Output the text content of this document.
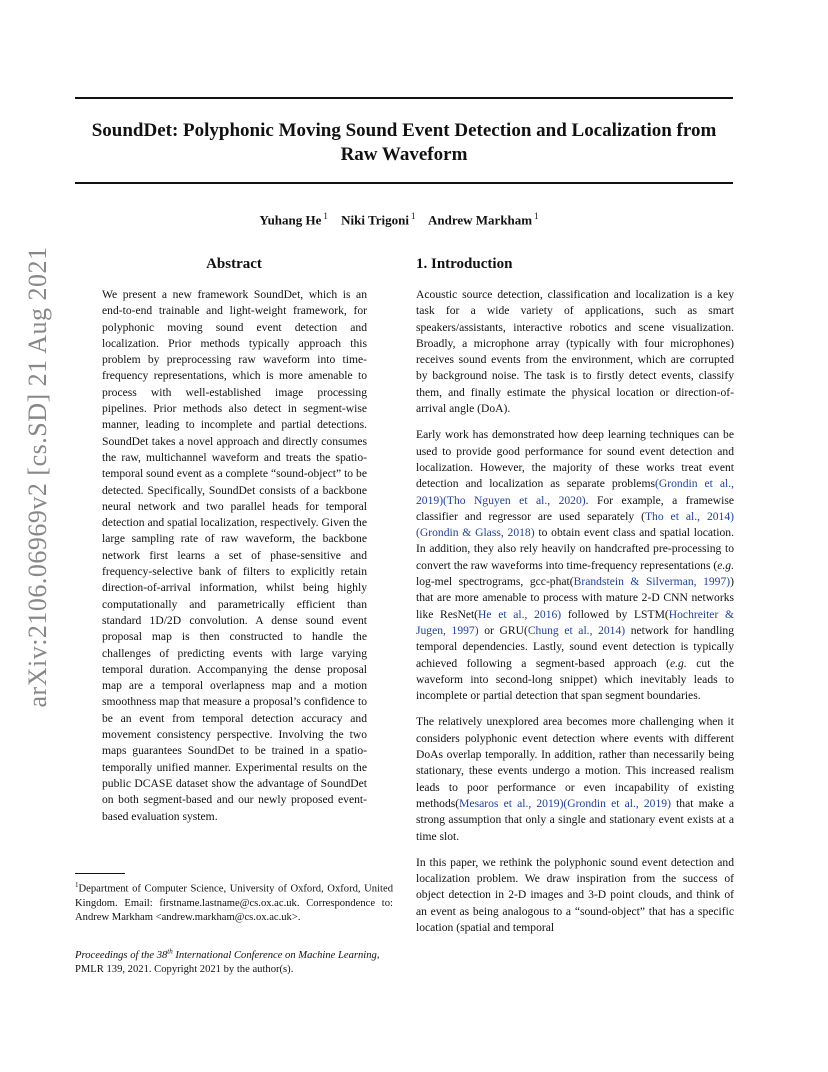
arXiv:2106.06969v2 [cs.SD] 21 Aug 2021
SoundDet: Polyphonic Moving Sound Event Detection and Localization from Raw Waveform
Yuhang He $^1$ Niki Trigoni $^1$ Andrew Markham $^1$
Abstract

We present a new framework SoundDet, which is an end-to-end trainable and light-weight framework, for polyphonic moving sound event detection and localization. Prior methods typically approach this problem by preprocessing raw waveform into time-frequency representations, which is more amenable to process with well-established image processing pipelines. Prior methods also detect in segment-wise manner, leading to incomplete and partial detections. SoundDet takes a novel approach and directly consumes the raw, multichannel waveform and treats the spatio-temporal sound event as a complete “sound-object” to be detected. Specifically, SoundDet consists of a backbone neural network and two parallel heads for temporal detection and spatial localization, respectively. Given the large sampling rate of raw waveform, the backbone network first learns a set of phase-sensitive and frequency-selective bank of filters to explicitly retain direction-of-arrival information, whilst being highly computationally and parametrically efficient than standard 1D/2D convolution. A dense sound event proposal map is then constructed to handle the challenges of predicting events with large varying temporal duration. Accompanying the dense proposal map are a temporal overlapness map and a motion smoothness map that measure a proposal’s confidence to be an event from temporal detection accuracy and movement consistency perspective. Involving the two maps guarantees SoundDet to be trained in a spatio-temporally unified manner. Experimental results on the public DCASE dataset show the advantage of SoundDet on both segment-based and our newly proposed event-based evaluation system.

$^1$Department of Computer Science, University of Oxford, Oxford, United Kingdom. Email: firstname.lastname@cs.ox.ac.uk. Correspondence to: Andrew Markham <andrew.markham@cs.ox.ac.uk>.

Proceedings of the 38th International Conference on Machine Learning, PMLR 139, 2021. Copyright 2021 by the author(s).

1. Introduction

Acoustic source detection, classification and localization is a key task for a wide variety of applications, such as smart speakers/assistants, interactive robotics and scene visualization. Broadly, a microphone array (typically with four microphones) receives sound events from the environment, which are corrupted by background noise. The task is to firstly detect events, classify them, and finally estimate the physical location or direction-of-arrival angle (DoA).

Early work has demonstrated how deep learning techniques can be used to provide good performance for sound event detection and localization. However, the majority of these works treat event detection and localization as separate problems(Grondin et al., 2019)(Tho Nguyen et al., 2020). For example, a framewise classifier and regressor are used separately (Tho et al., 2014)(Grondin & Glass, 2018) to obtain event class and spatial location. In addition, they also rely heavily on handcrafted pre-processing to convert the raw waveforms into time-frequency representations (e.g. log-mel spectrograms, gcc-phat(Brandstein & Silverman, 1997)) that are more amenable to process with mature 2-D CNN networks like ResNet(He et al., 2016) followed by LSTM(Hochreiter & Jugen, 1997) or GRU(Chung et al., 2014) network for handling temporal dependencies. Lastly, sound event detection is typically achieved following a segment-based approach (e.g. cut the waveform into second-long snippet) which inevitably leads to incomplete or partial detection that span segment boundaries.

The relatively unexplored area becomes more challenging when it considers polyphonic event detection where events with different DoAs overlap temporally. In addition, rather than necessarily being stationary, these events undergo a motion. This increased realism leads to poor performance or even incapability of existing methods(Mesaros et al., 2019)(Grondin et al., 2019) that make a strong assumption that only a single and stationary event exists at a time slot.

In this paper, we rethink the polyphonic sound event detection and localization problem. We draw inspiration from the success of object detection in 2-D images and 3-D point clouds, and think of an event as being analogous to a “sound-object” that has a specific location (spatial and temporal
